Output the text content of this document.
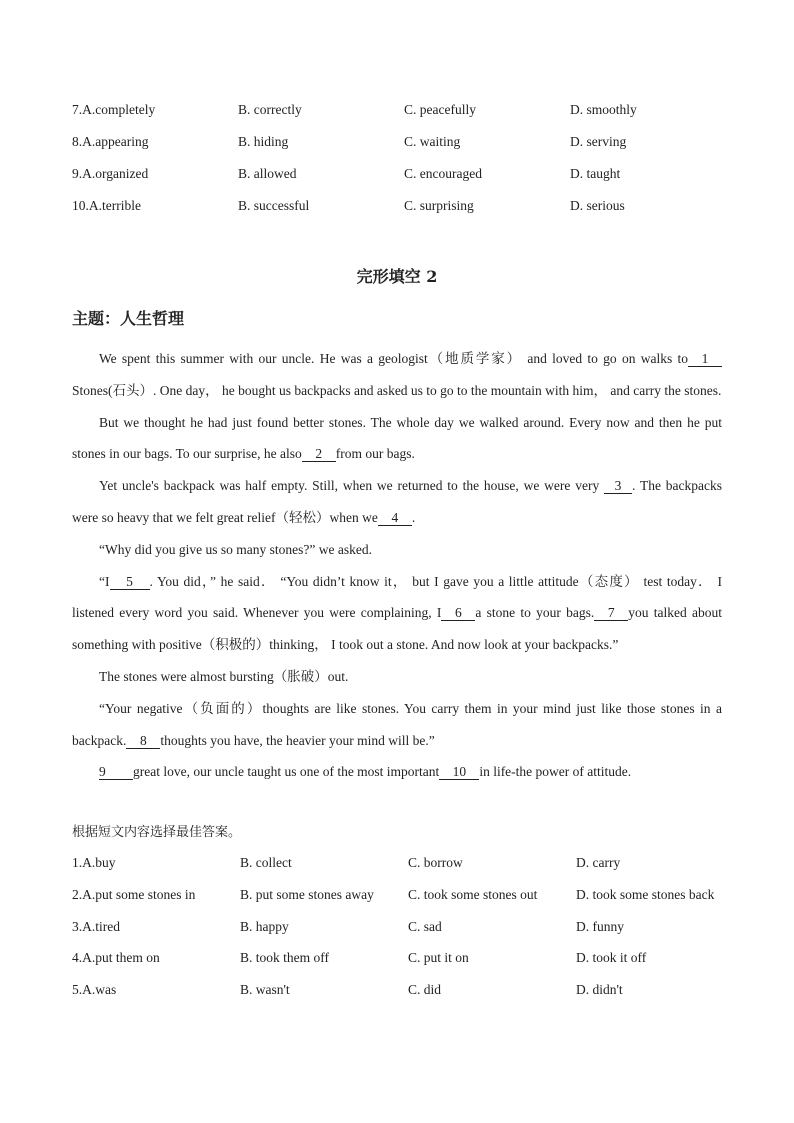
7.A.completely	B. correctly	C. peacefully	D. smoothly
8.A.appearing	B. hiding	C. waiting	D. serving
9.A.organized	B. allowed	C. encouraged	D. taught
10.A.terrible	B. successful	C. surprising	D. serious
完形填空 2
主题：人生哲理

We spent this summer with our uncle. He was a geologist（地质学家） and loved to go on walks to 1 Stones(石头）. One day， he bought us backpacks and asked us to go to the mountain with him， and carry the stones.

But we thought he had just found better stones. The whole day we walked around. Every now and then he put stones in our bags. To our surprise, he also 2 from our bags.

Yet uncle's backpack was half empty. Still, when we returned to the house, we were very 3 . The backpacks were so heavy that we felt great relief（轻松）when we 4 .

“Why did you give us so many stones?” we asked.

“I 5 . You did，” he said． “You didn’t know it， but I gave you a little attitude（态度） test today． I listened every word you said. Whenever you were complaining, I 6 a stone to your bags. 7 you talked about something with positive（积极的）thinking， I took out a stone. And now look at your backpacks.”

The stones were almost bursting（胀破）out.

“Your negative（负面的）thoughts are like stones. You carry them in your mind just like those stones in a backpack. 8 thoughts you have, the heavier your mind will be.”

9 great love, our uncle taught us one of the most important 10 in life-the power of attitude.

根据短文内容选择最佳答案。
1.A.buy	B. collect	C. borrow	D. carry
2.A.put some stones in	B. put some stones away	C. took some stones out	D. took some stones back
3.A.tired	B. happy	C. sad	D. funny
4.A.put them on	B. took them off	C. put it on	D. took it off
5.A.was	B. wasn't	C. did	D. didn't
